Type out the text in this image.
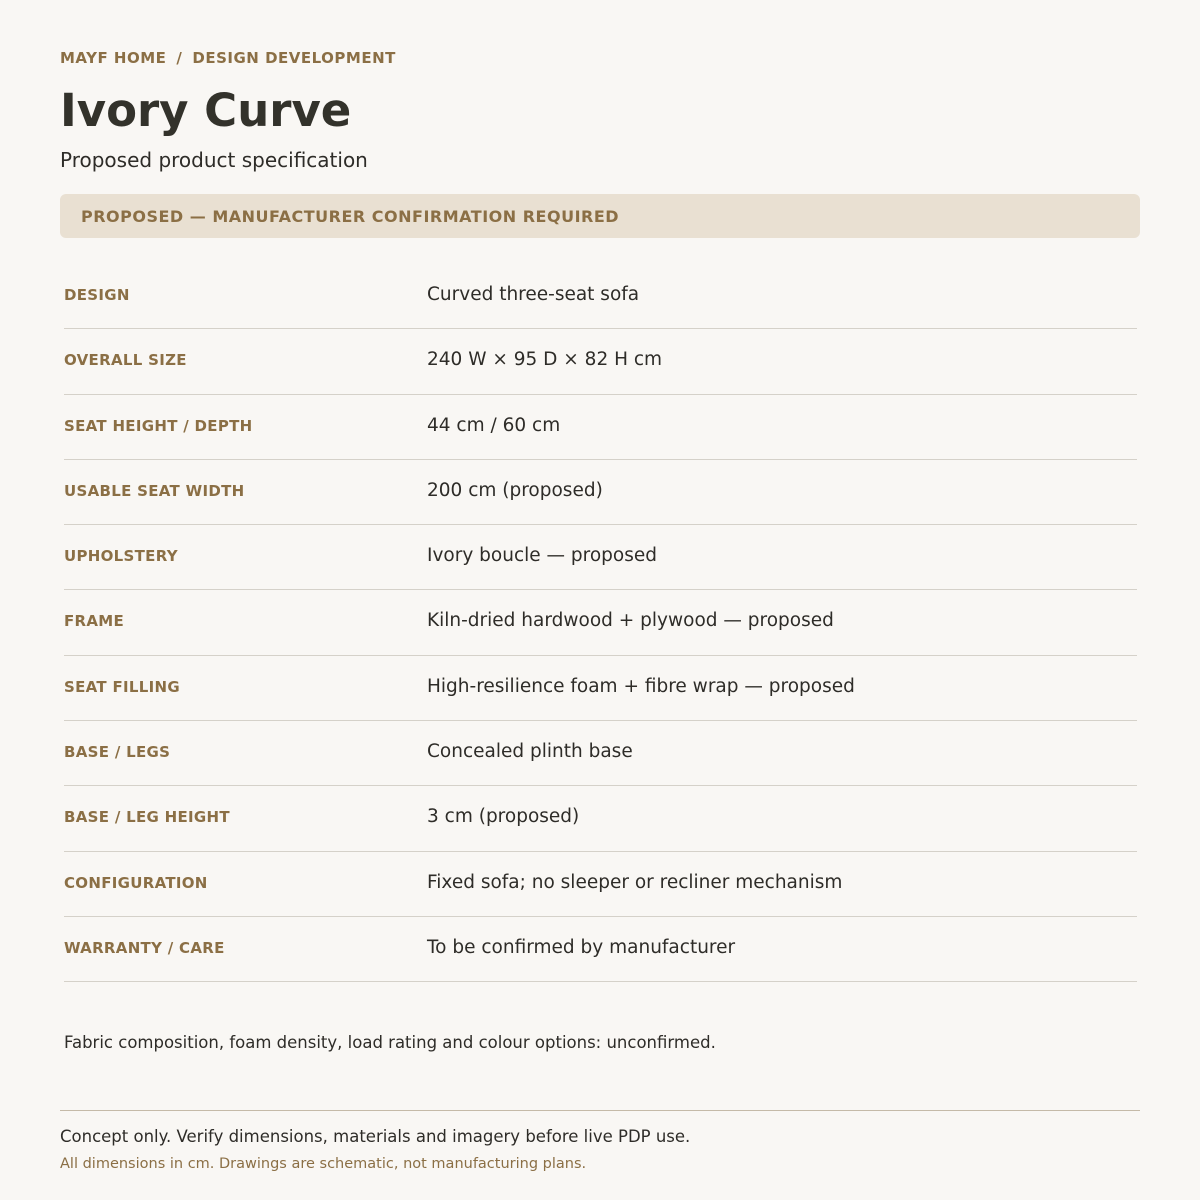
MAYF HOME / DESIGN DEVELOPMENT
Ivory Curve
Proposed product specification
PROPOSED — MANUFACTURER CONFIRMATION REQUIRED
DESIGN	Curved three-seat sofa
OVERALL SIZE	240 W × 95 D × 82 H cm
SEAT HEIGHT / DEPTH	44 cm / 60 cm
USABLE SEAT WIDTH	200 cm (proposed)
UPHOLSTERY	Ivory boucle — proposed
FRAME	Kiln-dried hardwood + plywood — proposed
SEAT FILLING	High-resilience foam + fibre wrap — proposed
BASE / LEGS	Concealed plinth base
BASE / LEG HEIGHT	3 cm (proposed)
CONFIGURATION	Fixed sofa; no sleeper or recliner mechanism
WARRANTY / CARE	To be confirmed by manufacturer

Fabric composition, foam density, load rating and colour options: unconfirmed.

Concept only. Verify dimensions, materials and imagery before live PDP use.

All dimensions in cm. Drawings are schematic, not manufacturing plans.
